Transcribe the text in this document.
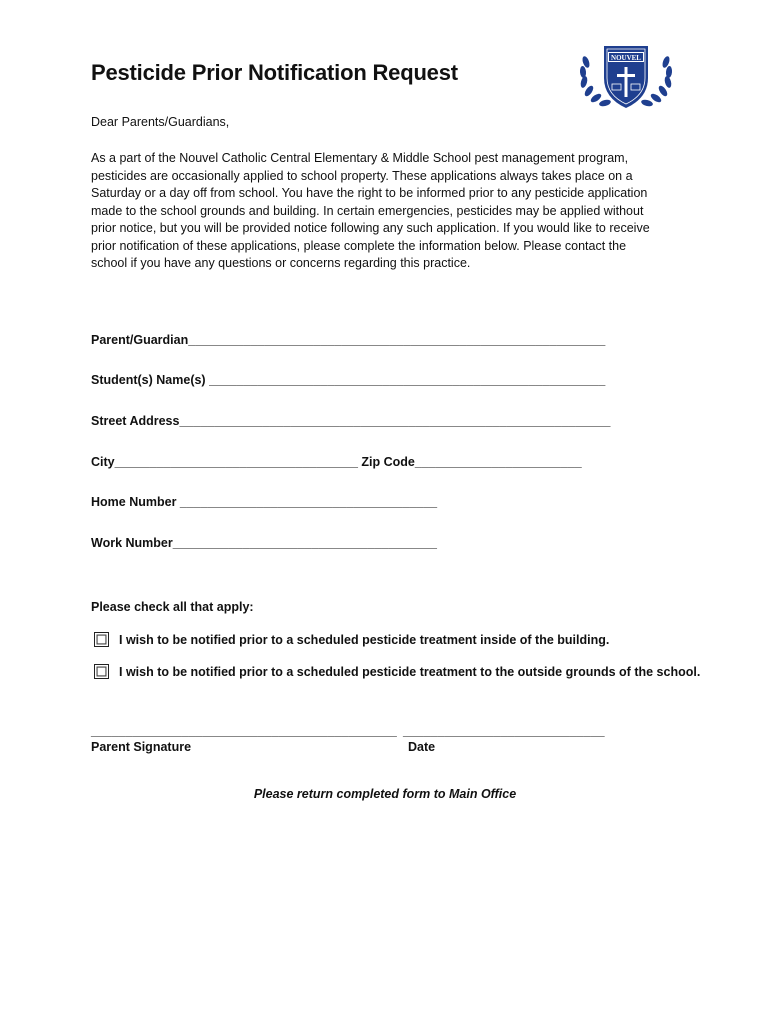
Pesticide Prior Notification Request
NOUVEL
Dear Parents/Guardians,
As a part of the Nouvel Catholic Central Elementary & Middle School pest management program,
pesticides are occasionally applied to school property. These applications always takes place on a
Saturday or a day off from school. You have the right to be informed prior to any pesticide application
made to the school grounds and building. In certain emergencies, pesticides may be applied without
prior notice, but you will be provided notice following any such application. If you would like to receive
prior notification of these applications, please complete the information below. Please contact the
school if you have any questions or concerns regarding this practice.
Parent/Guardian____________________________________________________________
Student(s) Name(s) _________________________________________________________
Street Address______________________________________________________________
City___________________________________ Zip Code________________________
Home Number _____________________________________
Work Number______________________________________
Please check all that apply:
I wish to be notified prior to a scheduled pesticide treatment inside of the building.
I wish to be notified prior to a scheduled pesticide treatment to the outside grounds of the school.
____________________________________________ _____________________________
Parent Signature	Date
Please return completed form to Main Office
